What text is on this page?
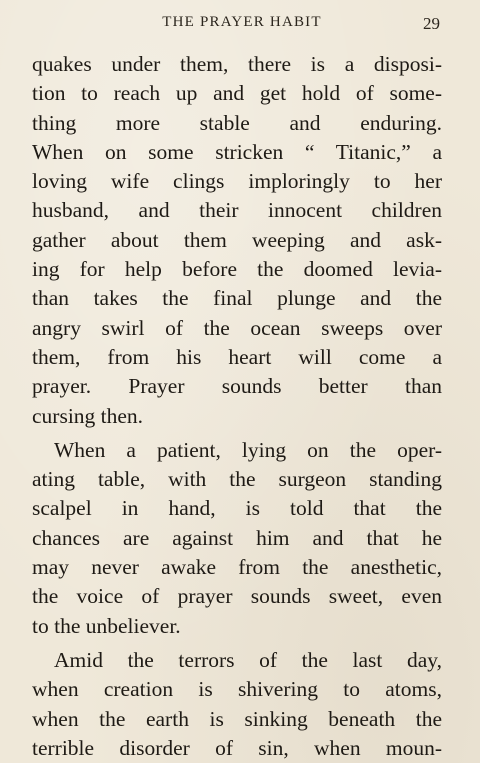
THE PRAYER HABIT	29
quakes under them, there is a disposi-
tion to reach up and get hold of some-
thing more stable and enduring.
When on some stricken “ Titanic,” a
loving wife clings imploringly to her
husband, and their innocent children
gather about them weeping and ask-
ing for help before the doomed levia-
than takes the final plunge and the
angry swirl of the ocean sweeps over
them, from his heart will come a
prayer. Prayer sounds better than
cursing then.
When a patient, lying on the oper-
ating table, with the surgeon standing
scalpel in hand, is told that the
chances are against him and that he
may never awake from the anesthetic,
the voice of prayer sounds sweet, even
to the unbeliever.
Amid the terrors of the last day,
when creation is shivering to atoms,
when the earth is sinking beneath the
terrible disorder of sin, when moun-
